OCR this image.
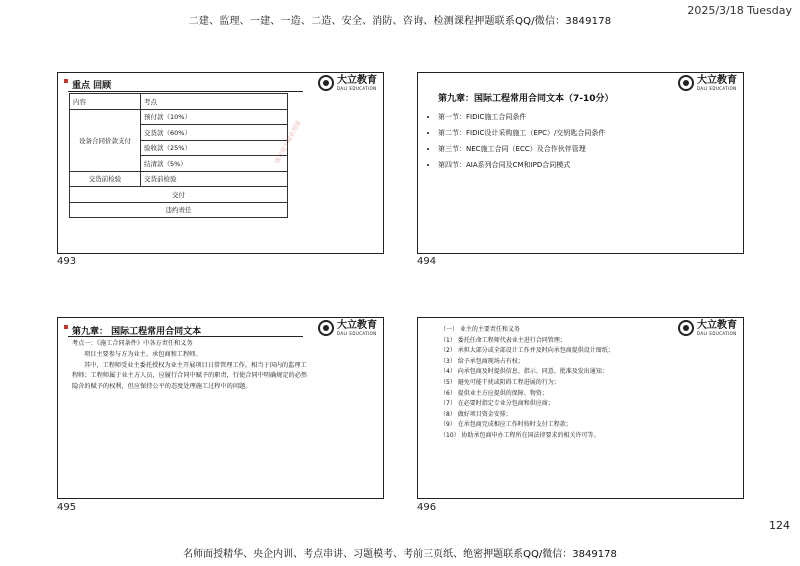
二建、监理、一建、一造、二造、安全、消防、咨询、检测课程押题联系QQ/微信：3849178
2025/3/18 Tuesday
重点 回顾
大立教育
DALI EDUCATION
内容	考点
设备合同价款支付	预付款（10%）
	交货款（60%）
	验收款（25%）
	结清款（5%）
交货前检验	交货前检验
交付	
违约责任	
请勿用于商业用途
493
大立教育
DALI EDUCATION
第九章：国际工程常用合同文本（7-10分）
• 第一节：FIDIC施工合同条件
• 第二节：FIDIC设计采购施工（EPC）/交钥匙合同条件
• 第三节：NEC施工合同（ECC）及合作伙伴管理
• 第四节：AIA系列合同及CM和IPD合同模式
494
第九章： 国际工程常用合同文本
大立教育
DALI EDUCATION

考点一：《施工合同条件》中各方责任和义务

项目主要参与方为业主、承包商和工程师。

其中，工程师受业主委托授权为业主开展项目日常管理工作，相当于国内的监理工程师；工程师属于业主方人员，应履行合同中赋予的职责，行使合同中明确规定的必然隐含的赋予的权利，但应保持公平的态度处理施工过程中的问题。

495
大立教育
DALI EDUCATION

（一） 业主的主要责任和义务

（1） 委托任命工程师代表业主进行合同管理；

（2） 承担大部分或全部设计工作并及时向承包商提供设计图纸；

（3） 给予承包商现场占有权；

（4） 向承包商及时提供信息、指示、同意、批准及发出通知；

（5） 避免可能干扰或阻碍工程进展的行为；

（6） 提供业主方应提供的保障、物资；

（7） 在必要时指定专业分包商和供应商；

（8） 做好项目资金安排；

（9） 在承包商完成相应工作时按时支付工程款；

（10） 协助承包商申办工程所在国法律要求的相关许可等。

496
124
名师面授精华、央企内训、考点串讲、习题模考、考前三页纸、绝密押题联系QQ/微信：3849178
